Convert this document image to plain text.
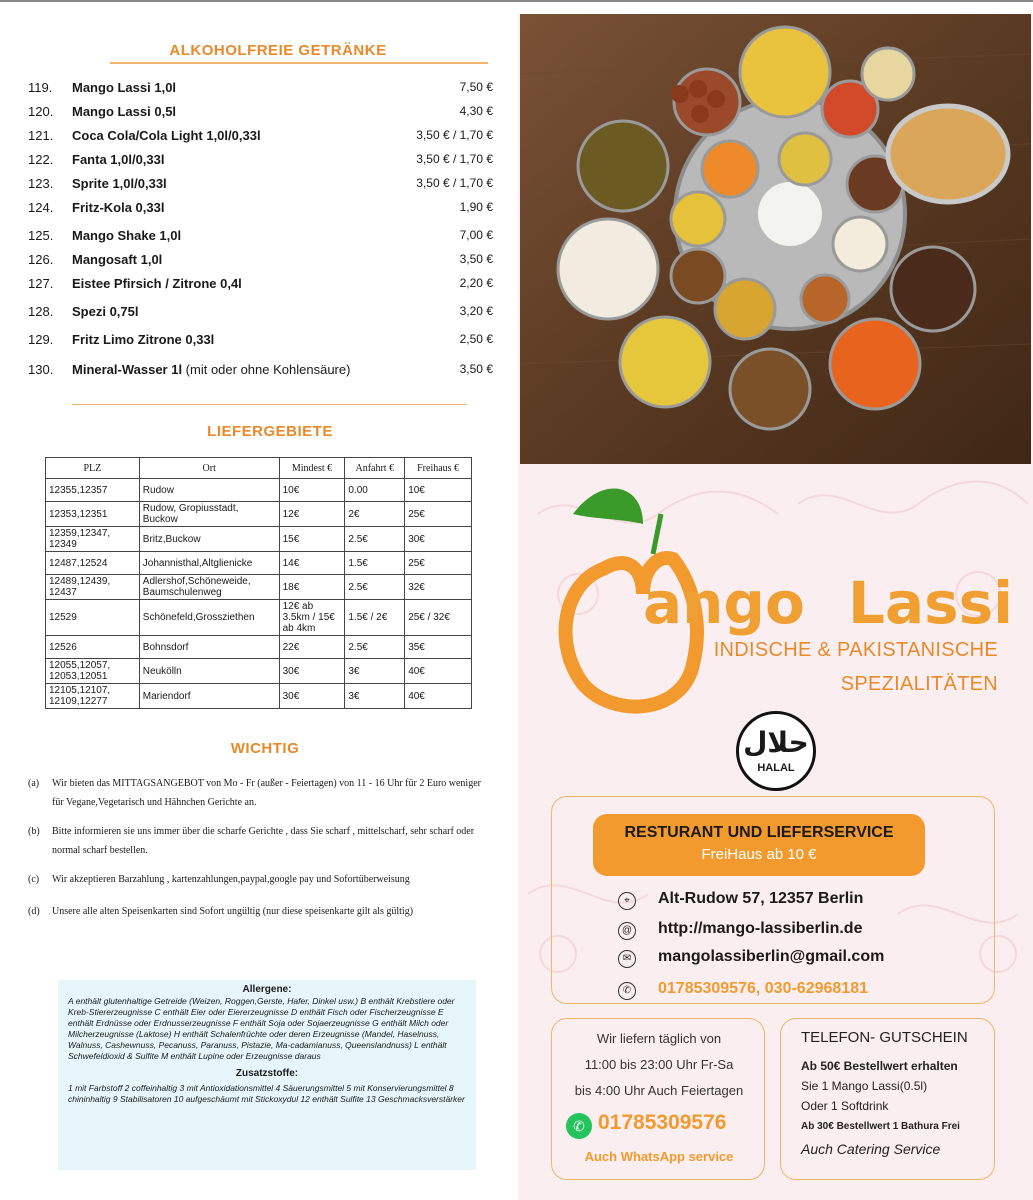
ALKOHOLFREIE GETRÄNKE
119.	Mango Lassi 1,0l	7,50 €
120.	Mango Lassi 0,5l	4,30 €
121.	Coca Cola/Cola Light 1,0l/0,33l	3,50 € / 1,70 €
122.	Fanta 1,0l/0,33l	3,50 € / 1,70 €
123.	Sprite 1,0l/0,33l	3,50 € / 1,70 €
124.	Fritz-Kola 0,33l	1,90 €
125.	Mango Shake 1,0l	7,00 €
126.	Mangosaft 1,0l	3,50 €
127.	Eistee Pfirsich / Zitrone 0,4l	2,20 €
128.	Spezi 0,75l	3,20 €
129.	Fritz Limo Zitrone 0,33l	2,50 €
130.	Mineral-Wasser 1l (mit oder ohne Kohlensäure)	3,50 €
LIEFERGEBIETE
PLZ	Ort	Mindest €	Anfahrt €	Freihaus €
12355,12357	Rudow	10€	0.00	10€
12353,12351	Rudow, Gropiusstadt, Buckow	12€	2€	25€
12359,12347, 12349	Britz,Buckow	15€	2.5€	30€
12487,12524	Johannisthal,Altglienicke	14€	1.5€	25€
12489,12439, 12437	Adlershof,Schöneweide, Baumschulenweg	18€	2.5€	32€
12529	Schönefeld,Grossziethen	12€ ab 3.5km / 15€ ab 4km	1.5€ / 2€	25€ / 32€
12526	Bohnsdorf	22€	2.5€	35€
12055,12057, 12053,12051	Neukölln	30€	3€	40€
12105,12107, 12109,12277	Mariendorf	30€	3€	40€
WICHTIG
(a) Wir bieten das MITTAGSANGEBOT von Mo - Fr (außer - Feiertagen) von 11 - 16 Uhr für 2 Euro weniger für Vegane,Vegetarisch und Hähnchen Gerichte an.
(b) Bitte informieren sie uns immer über die scharfe Gerichte , dass Sie scharf , mittelscharf, sehr scharf oder normal scharf bestellen.
(c) Wir akzeptieren Barzahlung , kartenzahlungen,paypal,google pay und Sofortüberweisung
(d) Unsere alle alten Speisenkarten sind Sofort ungültig (nur diese speisenkarte gilt als gültig)
Allergene:

A enthält glutenhaltige Getreide (Weizen, Roggen,Gerste, Hafer, Dinkel usw.) B enthält Krebstiere oder Kreb-Stiererzeugnisse C enthält Eier oder Eiererzeugnisse D enthält Fisch oder Fischerzeugnisse E enthält Erdnüsse oder Erdnusserzeugnisse F enthält Soja oder Sojaerzeugnisse G enthält Milch oder Milcherzeugnisse (Laktose) H enthält Schalenfrüchte oder deren Erzeugnisse (Mandel, Haselnuss, Walnuss, Cashewnuss, Pecanuss, Paranuss, Pistazie, Ma-cadamianuss, Queenslandnuss) L enthält Schwefeldioxid & Sulfite M enthält Lupine oder Erzeugnisse daraus

Zusatzstoffe:

1 mit Farbstoff 2 coffeinhaltig 3 mit Antioxidationsmittel 4 Säuerungsmittel 5 mit Konservierungsmittel 8 chininhaltig 9 Stabilisatoren 10 aufgeschäumt mit Stickoxydul 12 enthält Sulfite 13 Geschmacksverstärker

ango Lassi
INDISCHE & PAKISTANISCHE
SPEZIALITÄTEN
حلال
HALAL
RESTURANT UND LIEFERSERVICE
FreiHaus ab 10 €
⌖	Alt-Rudow 57, 12357 Berlin
@ http://mango-lassiberlin.de
✉	mangolassiberlin@gmail.com
✆	01785309576, 030-62968181
Wir liefern täglich von
11:00 bis 23:00 Uhr Fr-Sa
bis 4:00 Uhr Auch Feiertagen
✆ 01785309576
Auch WhatsApp service
TELEFON- GUTSCHEIN
Ab 50€ Bestellwert erhalten
Sie 1 Mango Lassi(0.5l)
Oder 1 Softdrink
Ab 30€ Bestellwert 1 Bathura Frei
Auch Catering Service
